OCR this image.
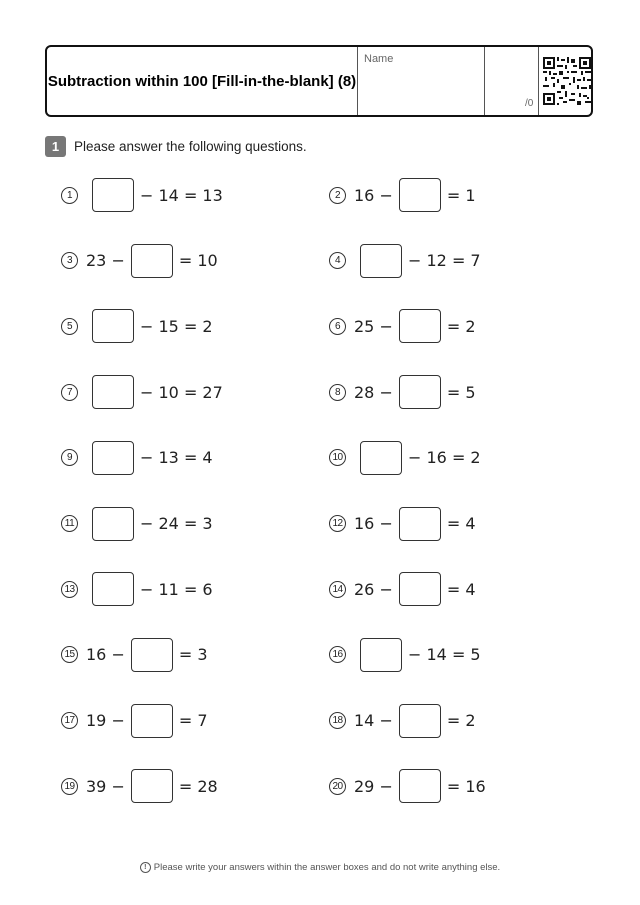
Subtraction within 100 [Fill-in-the-blank] (8)
Name
/0
1	Please answer the following questions.
1	− 14 = 13	2 16 −	= 1
3 23 −	= 10	4	− 12 = 7
5	− 15 = 2	6 25 −	= 2
7	− 10 = 27	8 28 −	= 5
9	− 13 = 4	10	− 16 = 2
11	− 24 = 3	12 16 −	= 4
13	− 11 = 6	14 26 −	= 4
15 16 −	= 3	16	− 14 = 5
17 19 −	= 7	18 14 −	= 2
19 39 −	= 28	20 29 −	= 16
! Please write your answers within the answer boxes and do not write anything else.
